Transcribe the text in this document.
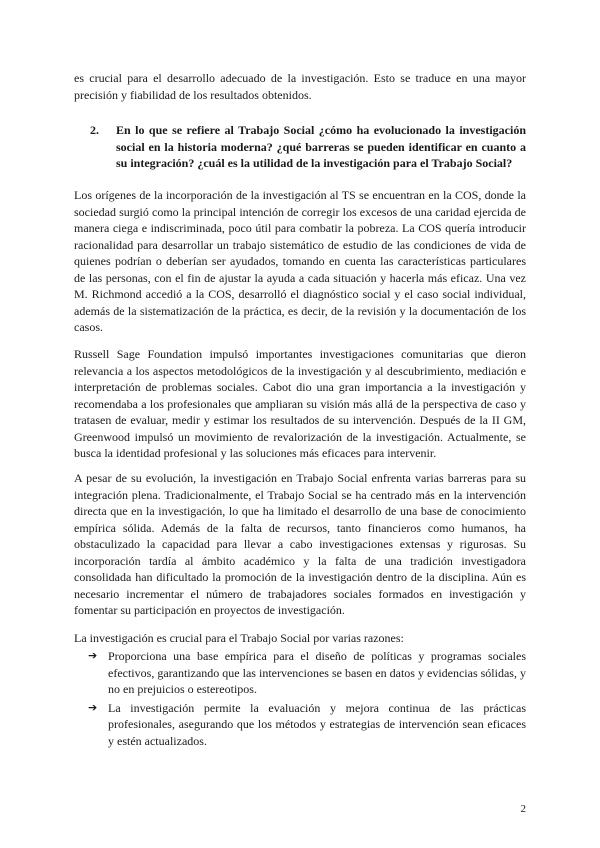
es crucial para el desarrollo adecuado de la investigación. Esto se traduce en una mayor precisión y fiabilidad de los resultados obtenidos.

2.	En lo que se refiere al Trabajo Social ¿cómo ha evolucionado la investigación social en la historia moderna? ¿qué barreras se pueden identificar en cuanto a su integración? ¿cuál es la utilidad de la investigación para el Trabajo Social?

Los orígenes de la incorporación de la investigación al TS se encuentran en la COS, donde la sociedad surgió como la principal intención de corregir los excesos de una caridad ejercida de manera ciega e indiscriminada, poco útil para combatir la pobreza. La COS quería introducir racionalidad para desarrollar un trabajo sistemático de estudio de las condiciones de vida de quienes podrían o deberían ser ayudados, tomando en cuenta las características particulares de las personas, con el fin de ajustar la ayuda a cada situación y hacerla más eficaz. Una vez M. Richmond accedió a la COS, desarrolló el diagnóstico social y el caso social individual, además de la sistematización de la práctica, es decir, de la revisión y la documentación de los casos.

Russell Sage Foundation impulsó importantes investigaciones comunitarias que dieron relevancia a los aspectos metodológicos de la investigación y al descubrimiento, mediación e interpretación de problemas sociales. Cabot dio una gran importancia a la investigación y recomendaba a los profesionales que ampliaran su visión más allá de la perspectiva de caso y tratasen de evaluar, medir y estimar los resultados de su intervención. Después de la II GM, Greenwood impulsó un movimiento de revalorización de la investigación. Actualmente, se busca la identidad profesional y las soluciones más eficaces para intervenir.

A pesar de su evolución, la investigación en Trabajo Social enfrenta varias barreras para su integración plena. Tradicionalmente, el Trabajo Social se ha centrado más en la intervención directa que en la investigación, lo que ha limitado el desarrollo de una base de conocimiento empírica sólida. Además de la falta de recursos, tanto financieros como humanos, ha obstaculizado la capacidad para llevar a cabo investigaciones extensas y rigurosas. Su incorporación tardía al ámbito académico y la falta de una tradición investigadora consolidada han dificultado la promoción de la investigación dentro de la disciplina. Aún es necesario incrementar el número de trabajadores sociales formados en investigación y fomentar su participación en proyectos de investigación.

La investigación es crucial para el Trabajo Social por varias razones:

➔ Proporciona una base empírica para el diseño de políticas y programas sociales efectivos, garantizando que las intervenciones se basen en datos y evidencias sólidas, y no en prejuicios o estereotipos.
➔ La investigación permite la evaluación y mejora continua de las prácticas profesionales, asegurando que los métodos y estrategias de intervención sean eficaces y estén actualizados.
2
